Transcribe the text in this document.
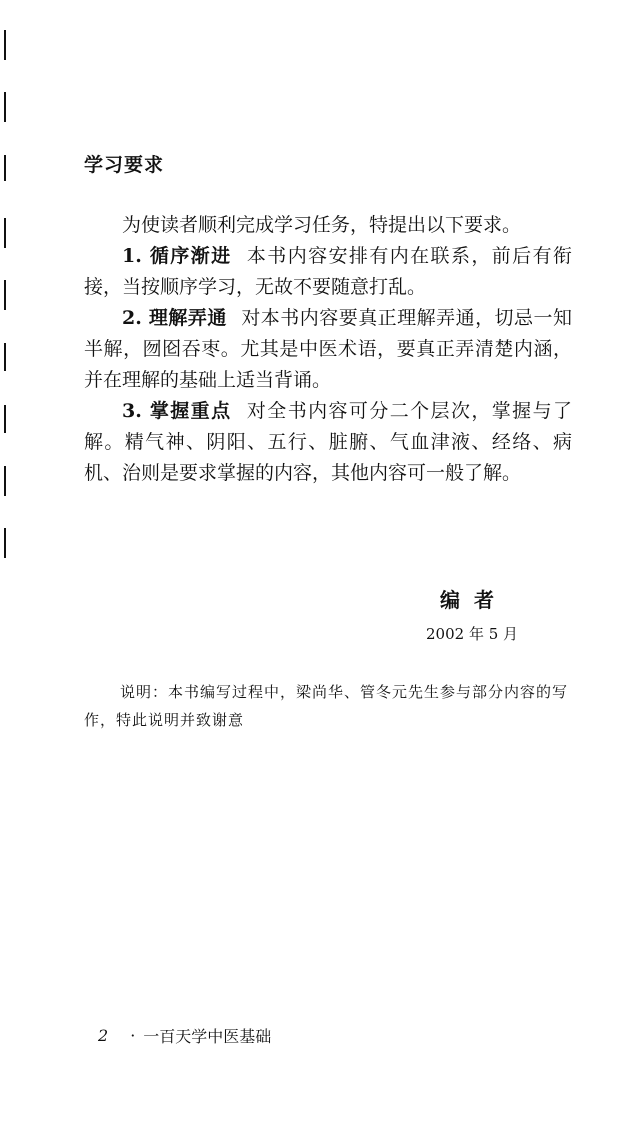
学习要求

为使读者顺利完成学习任务，特提出以下要求。

1. 循序渐进 本书内容安排有内在联系，前后有衔接，当按顺序学习，无故不要随意打乱。

2. 理解弄通 对本书内容要真正理解弄通，切忌一知半解，囫囵吞枣。尤其是中医术语，要真正弄清楚内涵，并在理解的基础上适当背诵。

3. 掌握重点 对全书内容可分二个层次，掌握与了解。精气神、阴阳、五行、脏腑、气血津液、经络、病机、治则是要求掌握的内容，其他内容可一般了解。

编者
2002 年 5 月

说明：本书编写过程中，梁尚华、管冬元先生参与部分内容的写作，特此说明并致谢意

2 · 一百天学中医基础
